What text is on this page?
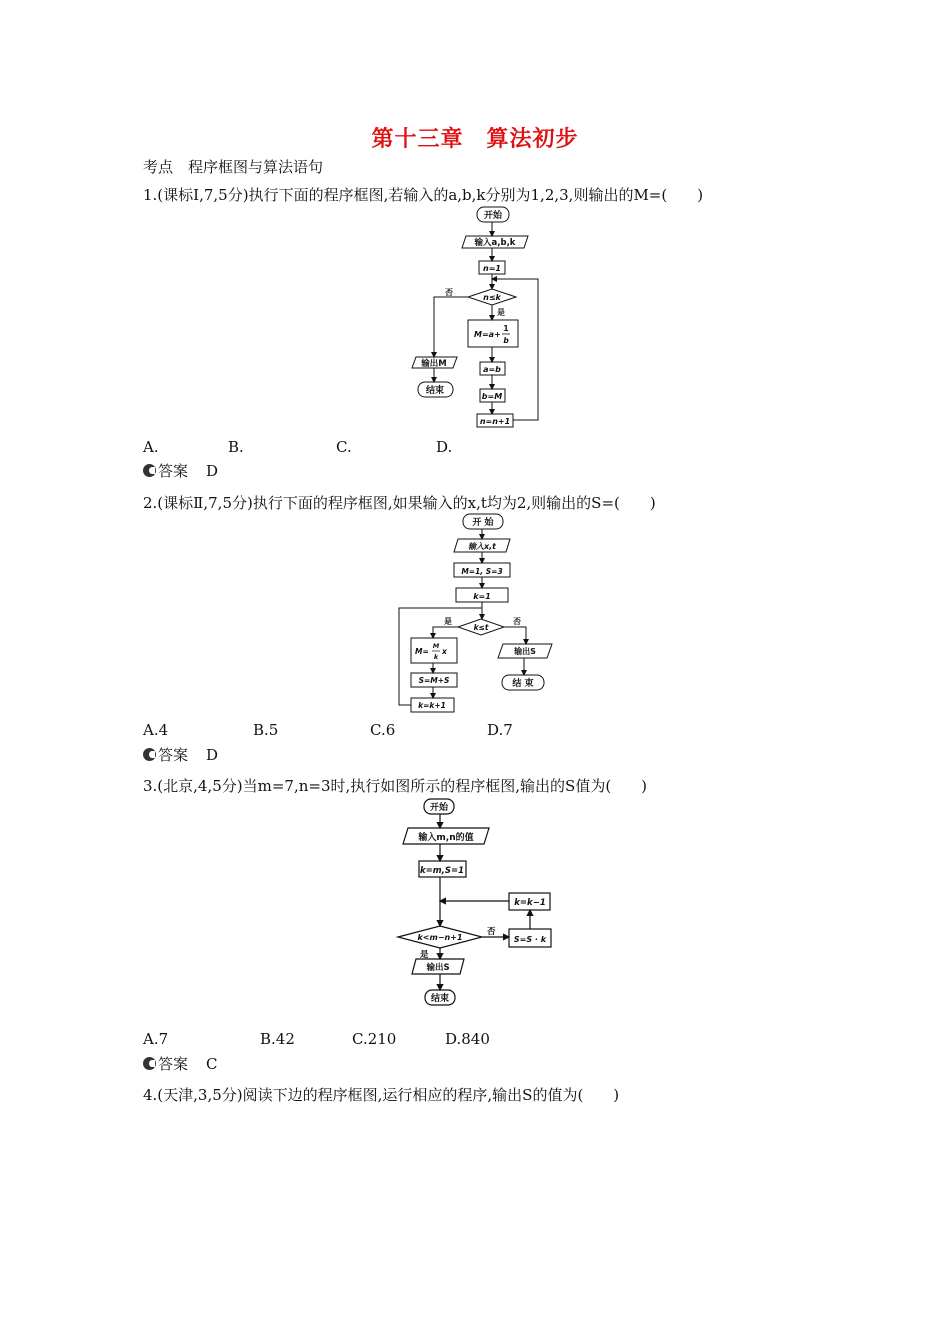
第十三章　算法初步
考点　程序框图与算法语句
1.(课标Ⅰ,7,5分)执行下面的程序框图,若输入的a,b,k分别为1,2,3,则输出的M=(　　)
开始
输入a,b,k
n=1
n≤k
是
否
M=a+
1
b
a=b
b=M
n=n+1
输出M
结束
A.	B.	C.	D.
答案 D
2.(课标Ⅱ,7,5分)执行下面的程序框图,如果输入的x,t均为2,则输出的S=(　　)
开 始
输入x,t
M=1, S=3
k=1
k≤t
是	否
M=
M
k
x
S=M+S
k=k+1
输出S
结 束
A.4	B.5	C.6	D.7
答案 D
3.(北京,4,5分)当m=7,n=3时,执行如图所示的程序框图,输出的S值为(　　)
开始
输入m,n的值
k=m,S=1
k=k−1
k<m−n+1
否
是
S=S · k
输出S
结束
A.7	B.42	C.210	D.840
答案 C
4.(天津,3,5分)阅读下边的程序框图,运行相应的程序,输出S的值为(　　)
